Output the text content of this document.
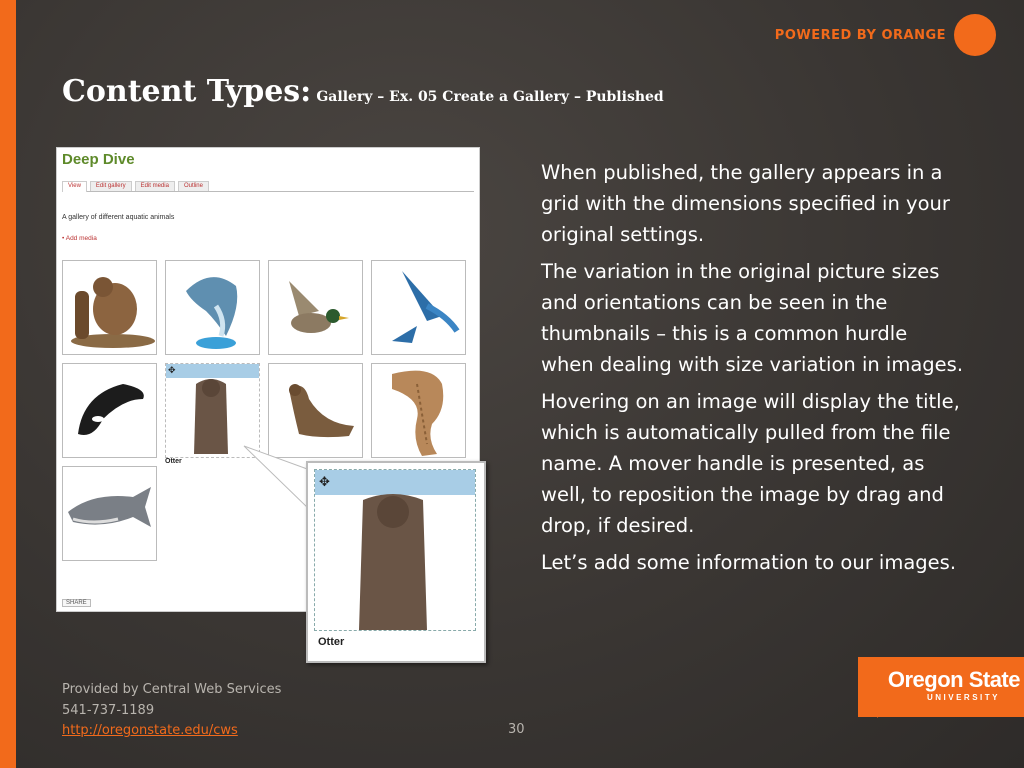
POWERED BY ORANGE
Content Types: Gallery – Ex. 05 Create a Gallery – Published
Deep Dive
View	Edit gallery	Edit media	Outline
A gallery of different aquatic animals
• Add media
✥
Otter
SHARE
✥
Otter

When published, the gallery appears in a grid with the dimensions specified in your original settings.

The variation in the original picture sizes and orientations can be seen in the thumbnails – this is a common hurdle when dealing with size variation in images.

Hovering on an image will display the title, which is automatically pulled from the file name. A mover handle is presented, as well, to reposition the image by drag and drop, if desired.

Let’s add some information to our images.

Provided by Central Web Services
541-737-1189
http://oregonstate.edu/cws	30
Oregon State
UNIVERSITY
